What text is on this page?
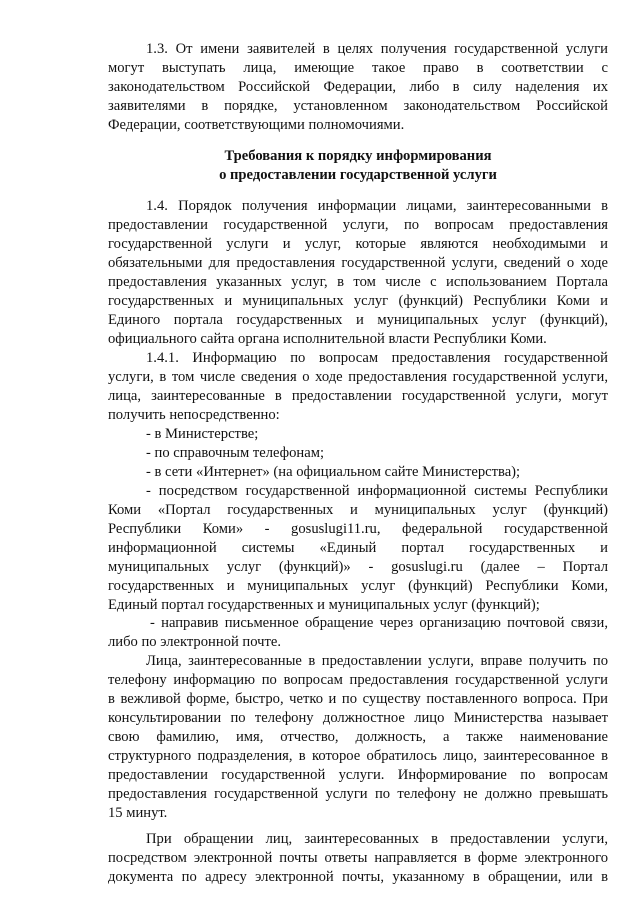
1.3. От имени заявителей в целях получения государственной услуги
могут выступать лица, имеющие такое право в соответствии с
законодательством Российской Федерации, либо в силу наделения их
заявителями в порядке, установленном законодательством Российской
Федерации, соответствующими полномочиями.
Требования к порядку информирования
о предоставлении государственной услуги
1.4. Порядок получения информации лицами, заинтересованными в
предоставлении государственной услуги, по вопросам предоставления
государственной услуги и услуг, которые являются необходимыми и
обязательными для предоставления государственной услуги, сведений о ходе
предоставления указанных услуг, в том числе с использованием Портала
государственных и муниципальных услуг (функций) Республики Коми и
Единого портала государственных и муниципальных услуг (функций),
официального сайта органа исполнительной власти Республики Коми.
1.4.1. Информацию по вопросам предоставления государственной
услуги, в том числе сведения о ходе предоставления государственной услуги,
лица, заинтересованные в предоставлении государственной услуги, могут
получить непосредственно:
- в Министерстве;
- по справочным телефонам;
- в сети «Интернет» (на официальном сайте Министерства);
- посредством государственной информационной системы Республики
Коми «Портал государственных и муниципальных услуг (функций)
Республики Коми» - gosuslugi11.ru, федеральной государственной
информационной системы «Единый портал государственных и
муниципальных услуг (функций)» - gosuslugi.ru (далее – Портал
государственных и муниципальных услуг (функций) Республики Коми,
Единый портал государственных и муниципальных услуг (функций);
- направив письменное обращение через организацию почтовой связи,
либо по электронной почте.
Лица, заинтересованные в предоставлении услуги, вправе получить по
телефону информацию по вопросам предоставления государственной услуги
в вежливой форме, быстро, четко и по существу поставленного вопроса. При
консультировании по телефону должностное лицо Министерства называет
свою фамилию, имя, отчество, должность, а также наименование
структурного подразделения, в которое обратилось лицо, заинтересованное в
предоставлении государственной услуги. Информирование по вопросам
предоставления государственной услуги по телефону не должно превышать
15 минут.
При обращении лиц, заинтересованных в предоставлении услуги,
посредством электронной почты ответы направляется в форме электронного
документа по адресу электронной почты, указанному в обращении, или в
